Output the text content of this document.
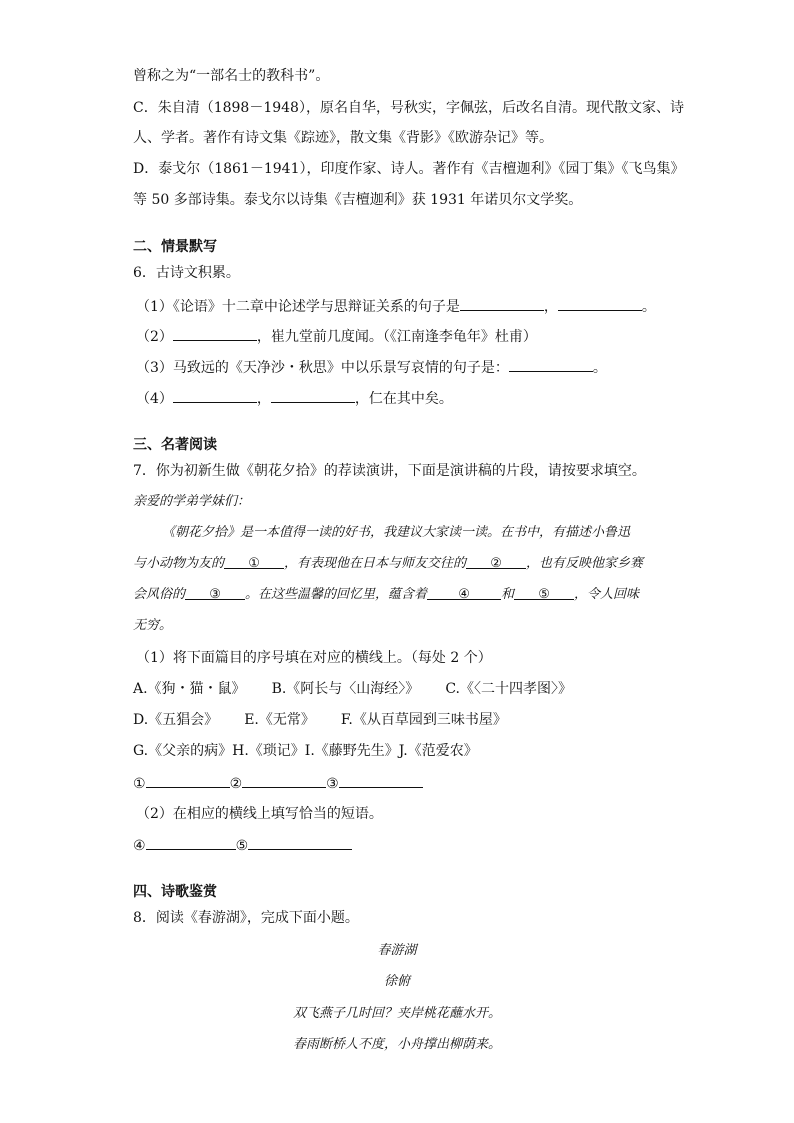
曾称之为“一部名士的教科书”。
C．朱自清（1898－1948），原名自华，号秋实，字佩弦，后改名自清。现代散文家、诗
人、学者。著作有诗文集《踪迹》，散文集《背影》《欧游杂记》等。
D．泰戈尔（1861－1941），印度作家、诗人。著作有《吉檀迦利》《园丁集》《飞鸟集》
等 50 多部诗集。泰戈尔以诗集《吉檀迦利》获 1931 年诺贝尔文学奖。
二、情景默写
6．古诗文积累。
（1）《论语》十二章中论述学与思辩证关系的句子是	，	。
（2）	，崔九堂前几度闻。（《江南逢李龟年》杜甫）
（3）马致远的《天净沙・秋思》中以乐景写哀情的句子是：	。
（4）	，	，仁在其中矣。
三、名著阅读
7．你为初新生做《朝花夕拾》的荐读演讲，下面是演讲稿的片段，请按要求填空。
亲爱的学弟学妹们：
《朝花夕拾》是一本值得一读的好书，我建议大家读一读。在书中，有描述小鲁迅
与小动物为友的 ① ，有表现他在日本与师友交往的 ② ，也有反映他家乡赛
会风俗的 ③ 。在这些温馨的回忆里，蕴含着 ④ 和 ⑤ ，令人回味
无穷。
（1）将下面篇目的序号填在对应的横线上。（每处 2 个）
A.《狗・猫・鼠》 B.《阿长与〈山海经〉》 C.《〈二十四孝图〉》
D.《五猖会》 E.《无常》 F.《从百草园到三味书屋》
G.《父亲的病》H.《琐记》I.《藤野先生》J.《范爱农》
①	②	③
（2）在相应的横线上填写恰当的短语。
④	⑤
四、诗歌鉴赏
8．阅读《春游湖》，完成下面小题。
春游湖
徐俯
双飞燕子几时回？夹岸桃花蘸水开。
春雨断桥人不度，小舟撑出柳荫来。
